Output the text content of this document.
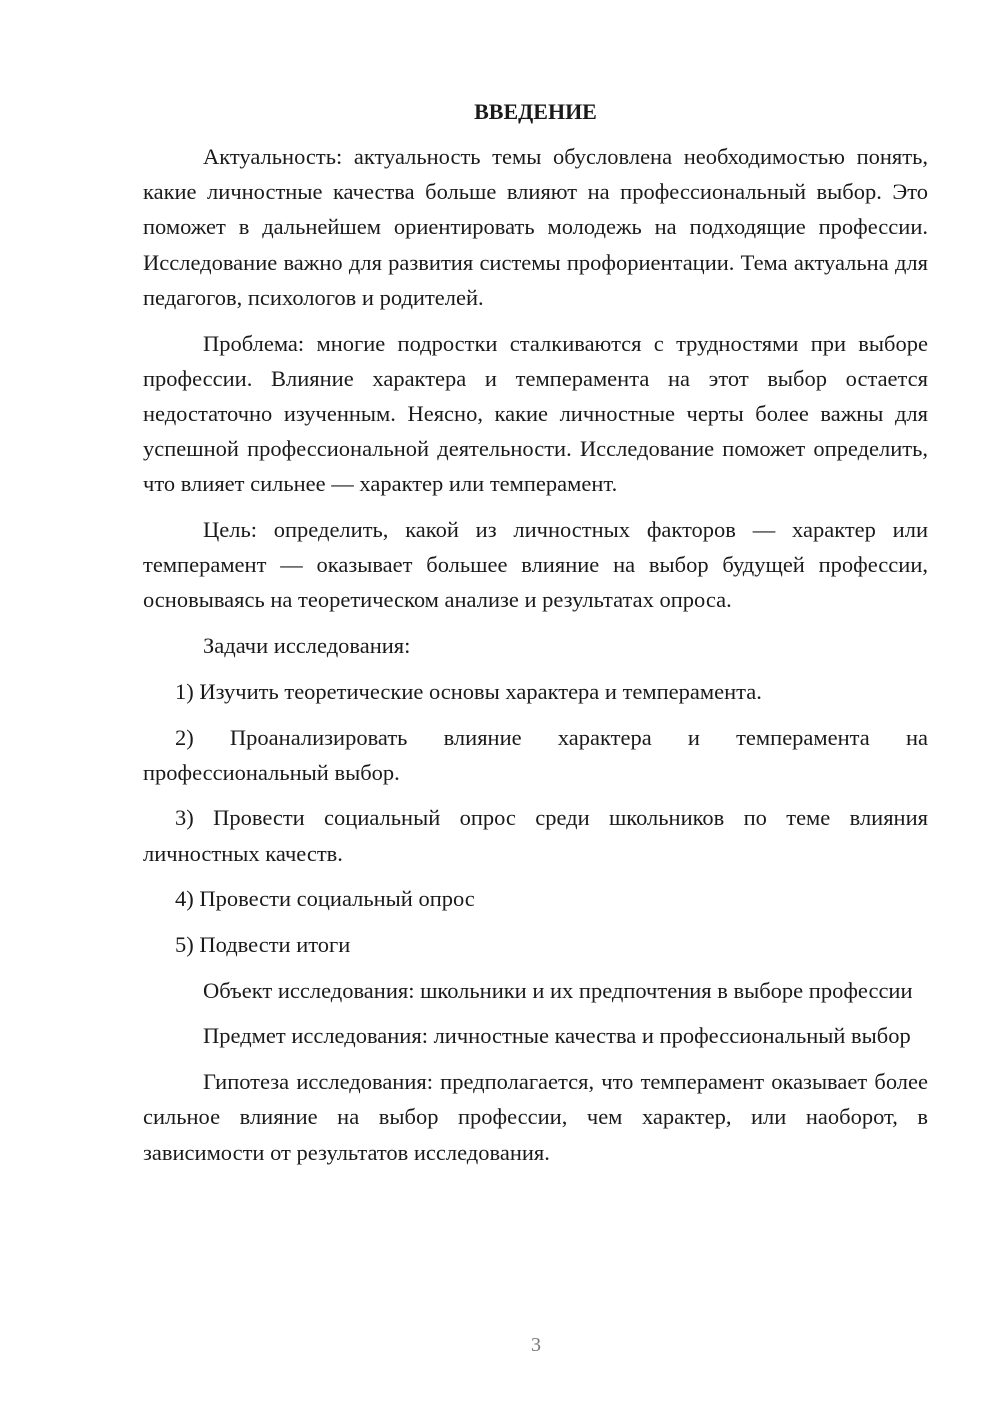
ВВЕДЕНИЕ

Актуальность: актуальность темы обусловлена необходимостью понять, какие личностные качества больше влияют на профессиональный выбор. Это поможет в дальнейшем ориентировать молодежь на подходящие профессии. Исследование важно для развития системы профориентации. Тема актуальна для педагогов, психологов и родителей.

Проблема: многие подростки сталкиваются с трудностями при выборе профессии. Влияние характера и темперамента на этот выбор остается недостаточно изученным. Неясно, какие личностные черты более важны для успешной профессиональной деятельности. Исследование поможет определить, что влияет сильнее — характер или темперамент.

Цель: определить, какой из личностных факторов — характер или темперамент — оказывает большее влияние на выбор будущей профессии, основываясь на теоретическом анализе и результатах опроса.

Задачи исследования:

1) Изучить теоретические основы характера и темперамента.

2) Проанализировать влияние характера и темперамента на профессиональный выбор.

3) Провести социальный опрос среди школьников по теме влияния личностных качеств.

4) Провести социальный опрос

5) Подвести итоги

Объект исследования: школьники и их предпочтения в выборе профессии

Предмет исследования: личностные качества и профессиональный выбор

Гипотеза исследования: предполагается, что темперамент оказывает более сильное влияние на выбор профессии, чем характер, или наоборот, в зависимости от результатов исследования.

3
